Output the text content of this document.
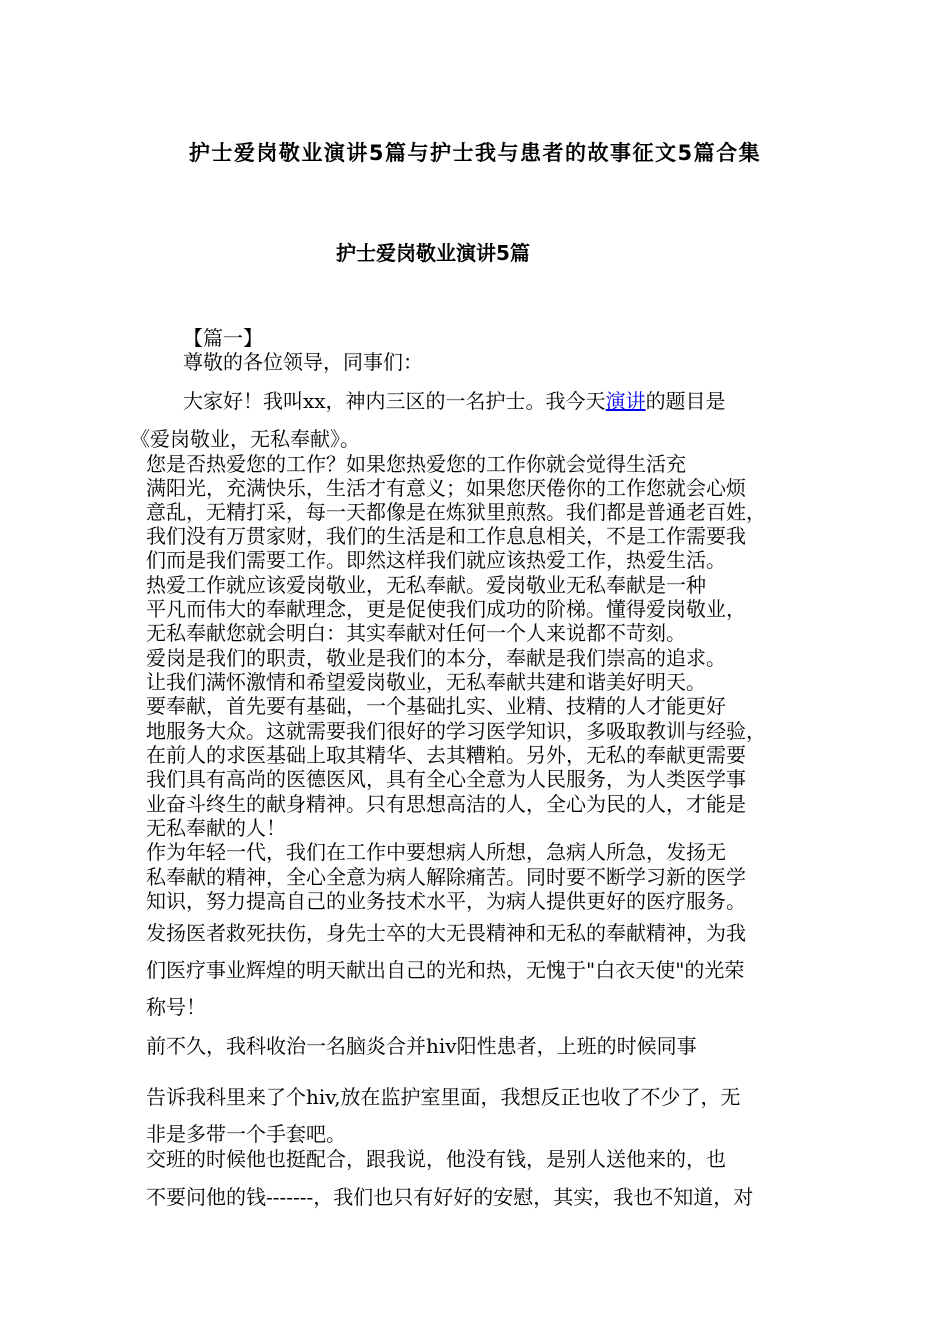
护士爱岗敬业演讲5篇与护士我与患者的故事征文5篇合集
护士爱岗敬业演讲5篇

【篇一】

尊敬的各位领导，同事们：

大家好！我叫xx，神内三区的一名护士。我今天演讲的题目是

《爱岗敬业，无私奉献》。

您是否热爱您的工作？如果您热爱您的工作你就会觉得生活充

满阳光，充满快乐，生活才有意义；如果您厌倦你的工作您就会心烦

意乱，无精打采，每一天都像是在炼狱里煎熬。我们都是普通老百姓，

我们没有万贯家财，我们的生活是和工作息息相关，不是工作需要我

们而是我们需要工作。即然这样我们就应该热爱工作，热爱生活。

热爱工作就应该爱岗敬业，无私奉献。爱岗敬业无私奉献是一种

平凡而伟大的奉献理念，更是促使我们成功的阶梯。懂得爱岗敬业，

无私奉献您就会明白：其实奉献对任何一个人来说都不苛刻。

爱岗是我们的职责，敬业是我们的本分，奉献是我们崇高的追求。

让我们满怀激情和希望爱岗敬业，无私奉献共建和谐美好明天。

要奉献，首先要有基础，一个基础扎实、业精、技精的人才能更好

地服务大众。这就需要我们很好的学习医学知识，多吸取教训与经验，

在前人的求医基础上取其精华、去其糟粕。另外，无私的奉献更需要

我们具有高尚的医德医风，具有全心全意为人民服务，为人类医学事

业奋斗终生的献身精神。只有思想高洁的人，全心为民的人，才能是

无私奉献的人！

作为年轻一代，我们在工作中要想病人所想，急病人所急，发扬无

私奉献的精神，全心全意为病人解除痛苦。同时要不断学习新的医学

知识，努力提高自己的业务技术水平，为病人提供更好的医疗服务。

发扬医者救死扶伤，身先士卒的大无畏精神和无私的奉献精神，为我

们医疗事业辉煌的明天献出自己的光和热，无愧于"白衣天使"的光荣

称号！

前不久，我科收治一名脑炎合并hiv阳性患者，上班的时候同事

告诉我科里来了个hiv,放在监护室里面，我想反正也收了不少了，无

非是多带一个手套吧。

交班的时候他也挺配合，跟我说，他没有钱，是别人送他来的，也

不要问他的钱-------，我们也只有好好的安慰，其实，我也不知道，对
